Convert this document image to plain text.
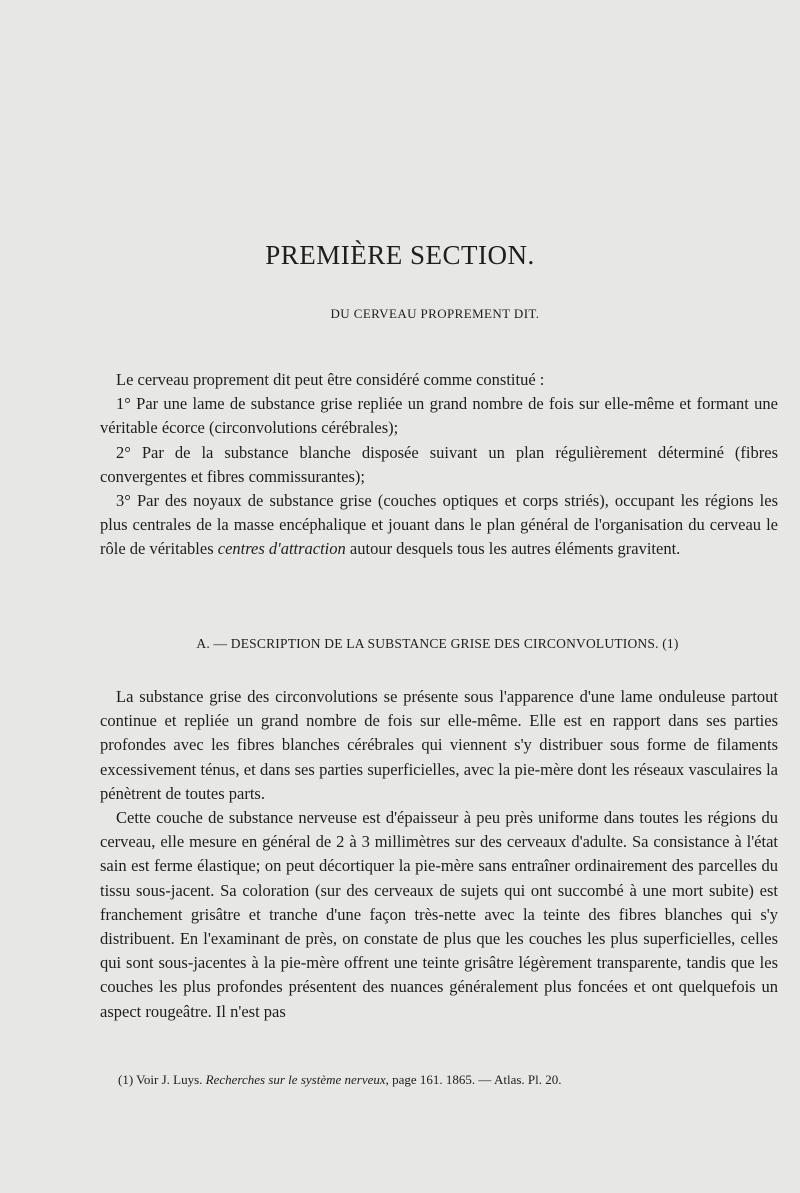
PREMIÈRE SECTION.
DU CERVEAU PROPREMENT DIT.

Le cerveau proprement dit peut être considéré comme constitué :

1° Par une lame de substance grise repliée un grand nombre de fois sur elle-même et formant une véritable écorce (circonvolutions cérébrales);

2° Par de la substance blanche disposée suivant un plan régulièrement déterminé (fibres convergentes et fibres commissurantes);

3° Par des noyaux de substance grise (couches optiques et corps striés), occupant les régions les plus centrales de la masse encéphalique et jouant dans le plan général de l'organisation du cerveau le rôle de véritables centres d'attraction autour desquels tous les autres éléments gravitent.

A. — DESCRIPTION DE LA SUBSTANCE GRISE DES CIRCONVOLUTIONS. (1)

La substance grise des circonvolutions se présente sous l'apparence d'une lame onduleuse partout continue et repliée un grand nombre de fois sur elle-même. Elle est en rapport dans ses parties profondes avec les fibres blanches cérébrales qui viennent s'y distribuer sous forme de filaments excessivement ténus, et dans ses parties superficielles, avec la pie-mère dont les réseaux vasculaires la pénètrent de toutes parts.

Cette couche de substance nerveuse est d'épaisseur à peu près uniforme dans toutes les régions du cerveau, elle mesure en général de 2 à 3 millimètres sur des cerveaux d'adulte. Sa consistance à l'état sain est ferme élastique; on peut décortiquer la pie-mère sans entraîner ordinairement des parcelles du tissu sous-jacent. Sa coloration (sur des cerveaux de sujets qui ont succombé à une mort subite) est franchement grisâtre et tranche d'une façon très-nette avec la teinte des fibres blanches qui s'y distribuent. En l'examinant de près, on constate de plus que les couches les plus superficielles, celles qui sont sous-jacentes à la pie-mère offrent une teinte grisâtre légèrement transparente, tandis que les couches les plus profondes présentent des nuances généralement plus foncées et ont quelquefois un aspect rougeâtre. Il n'est pas

(1) Voir J. Luys. Recherches sur le système nerveux, page 161. 1865. — Atlas. Pl. 20.
